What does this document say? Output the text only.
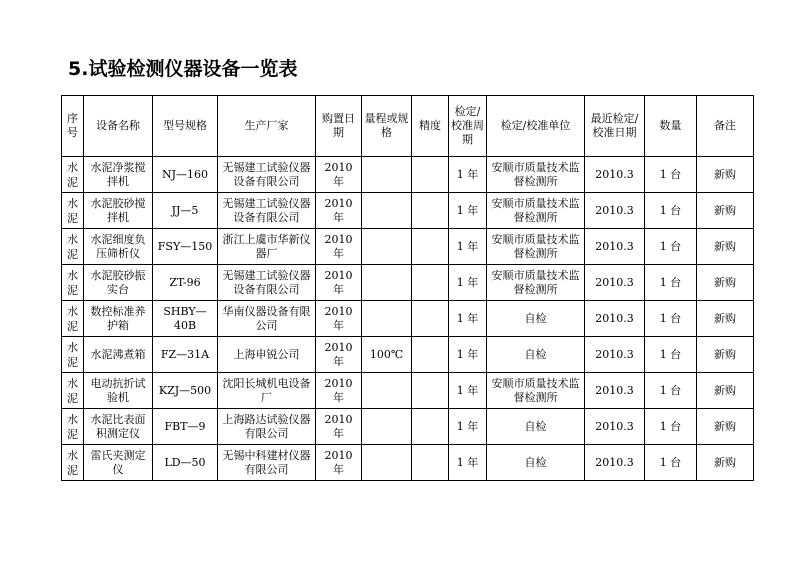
5.试验检测仪器设备一览表
序号	设备名称	型号规格	生产厂家	购置日期	量程或规格	精度	检定/校准周期	检定/校准单位	最近检定/校准日期	数量	备注
水泥	水泥净浆搅拌机	NJ—160	无锡建工试验仪器设备有限公司	2010 年			1 年	安顺市质量技术监督检测所	2010.3	1 台	新购
水泥	水泥胶砂搅拌机	JJ—5	无锡建工试验仪器设备有限公司	2010 年			1 年	安顺市质量技术监督检测所	2010.3	1 台	新购
水泥	水泥细度负压筛析仪	FSY—150	浙江上虞市华新仪器厂	2010 年			1 年	安顺市质量技术监督检测所	2010.3	1 台	新购
水泥	水泥胶砂振实台	ZT-96	无锡建工试验仪器设备有限公司	2010 年			1 年	安顺市质量技术监督检测所	2010.3	1 台	新购
水泥	数控标准养护箱	SHBY—40B	华南仪器设备有限公司	2010 年			1 年	自检	2010.3	1 台	新购
水泥	水泥沸煮箱	FZ—31A	上海申锐公司	2010 年	100℃		1 年	自检	2010.3	1 台	新购
水泥	电动抗折试验机	KZJ—500	沈阳长城机电设备厂	2010 年			1 年	安顺市质量技术监督检测所	2010.3	1 台	新购
水泥	水泥比表面积测定仪	FBT—9	上海路达试验仪器有限公司	2010 年			1 年	自检	2010.3	1 台	新购
水泥	雷氏夹测定仪	LD—50	无锡中科建材仪器有限公司	2010 年			1 年	自检	2010.3	1 台	新购
